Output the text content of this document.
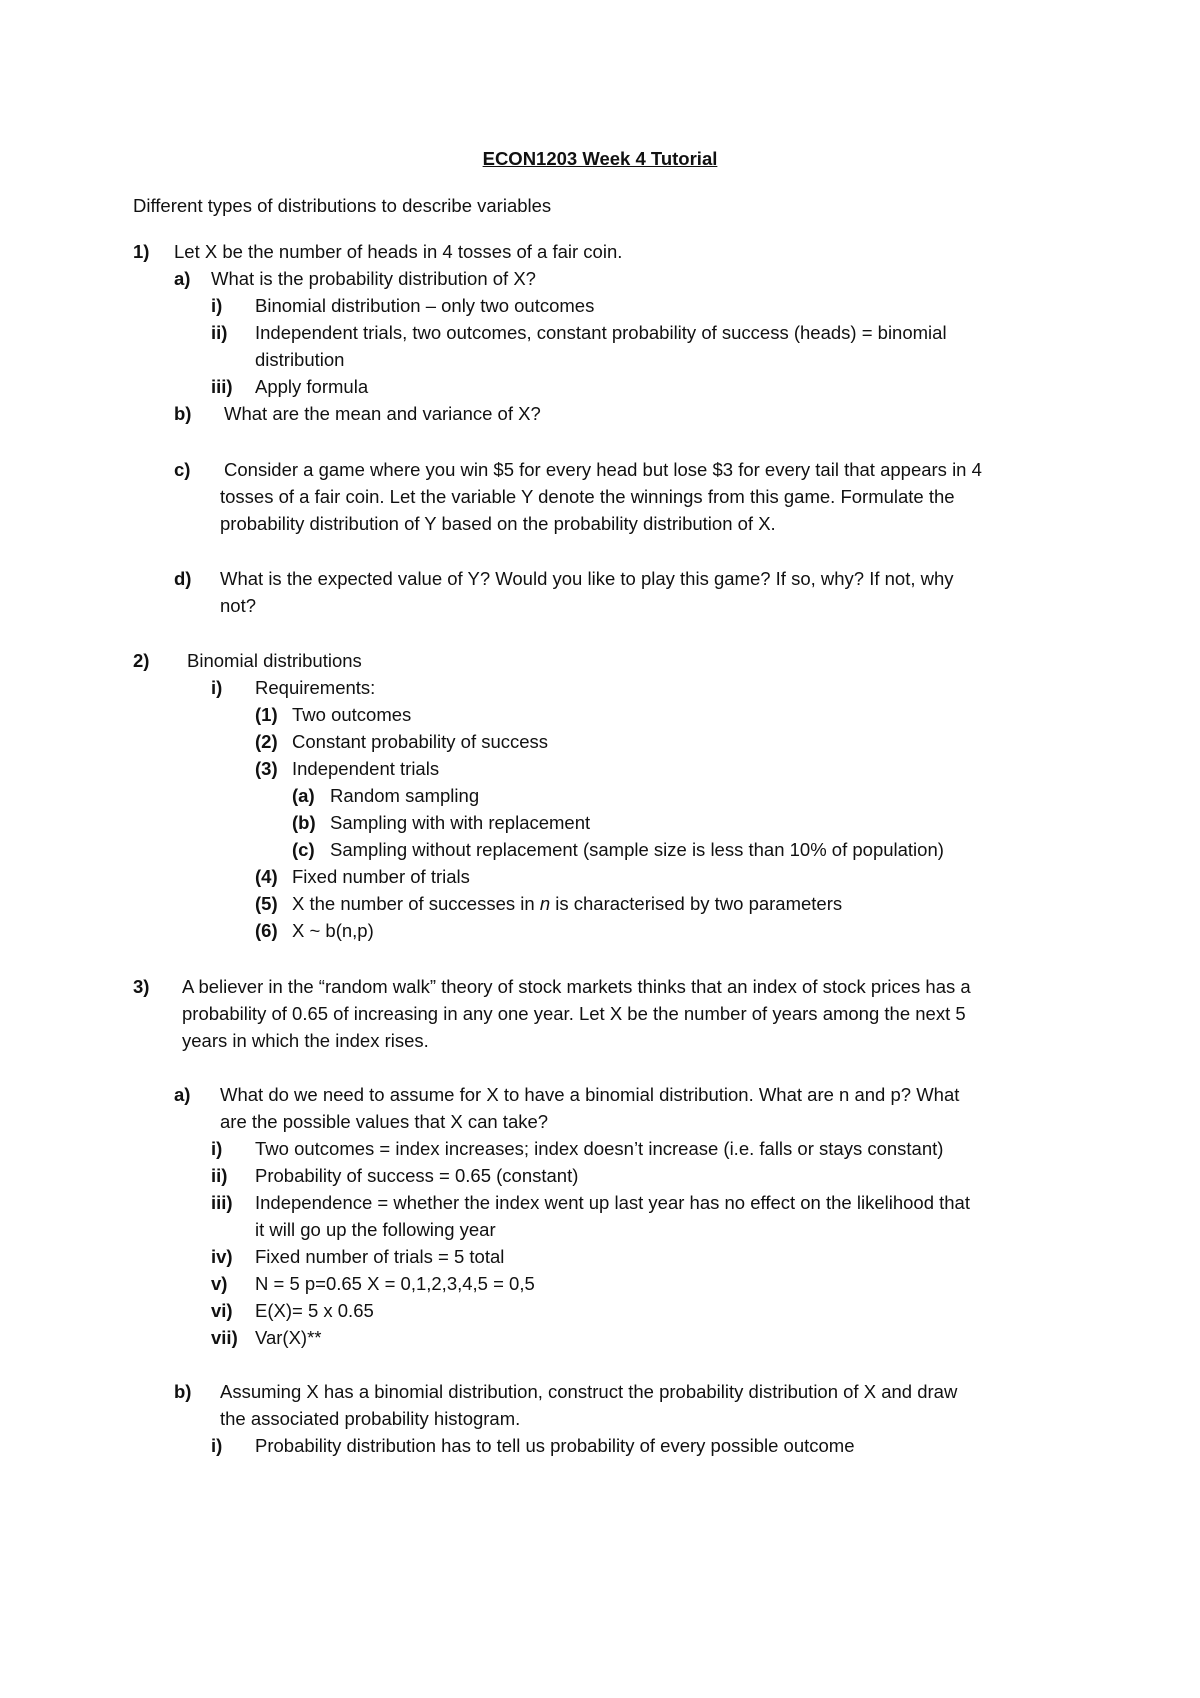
ECON1203 Week 4 Tutorial
Different types of distributions to describe variables
1) Let X be the number of heads in 4 tosses of a fair coin.
a) What is the probability distribution of X?
i) Binomial distribution – only two outcomes
ii) Independent trials, two outcomes, constant probability of success (heads) = binomial
distribution
iii) Apply formula
b) What are the mean and variance of X?
c) Consider a game where you win $5 for every head but lose $3 for every tail that appears in 4
tosses of a fair coin. Let the variable Y denote the winnings from this game. Formulate the
probability distribution of Y based on the probability distribution of X.
d) What is the expected value of Y? Would you like to play this game? If so, why? If not, why
not?
2) Binomial distributions
i) Requirements:
(1) Two outcomes
(2) Constant probability of success
(3) Independent trials
(a) Random sampling
(b) Sampling with with replacement
(c) Sampling without replacement (sample size is less than 10% of population)
(4) Fixed number of trials
(5) X the number of successes in n is characterised by two parameters
(6) X ~ b(n,p)
3) A believer in the “random walk” theory of stock markets thinks that an index of stock prices has a
probability of 0.65 of increasing in any one year. Let X be the number of years among the next 5
years in which the index rises.
a) What do we need to assume for X to have a binomial distribution. What are n and p? What
are the possible values that X can take?
i) Two outcomes = index increases; index doesn’t increase (i.e. falls or stays constant)
ii) Probability of success = 0.65 (constant)
iii) Independence = whether the index went up last year has no effect on the likelihood that
it will go up the following year
iv) Fixed number of trials = 5 total
v) N = 5 p=0.65 X = 0,1,2,3,4,5 = 0,5
vi) E(X)= 5 x 0.65
vii) Var(X)**
b) Assuming X has a binomial distribution, construct the probability distribution of X and draw
the associated probability histogram.
i) Probability distribution has to tell us probability of every possible outcome
